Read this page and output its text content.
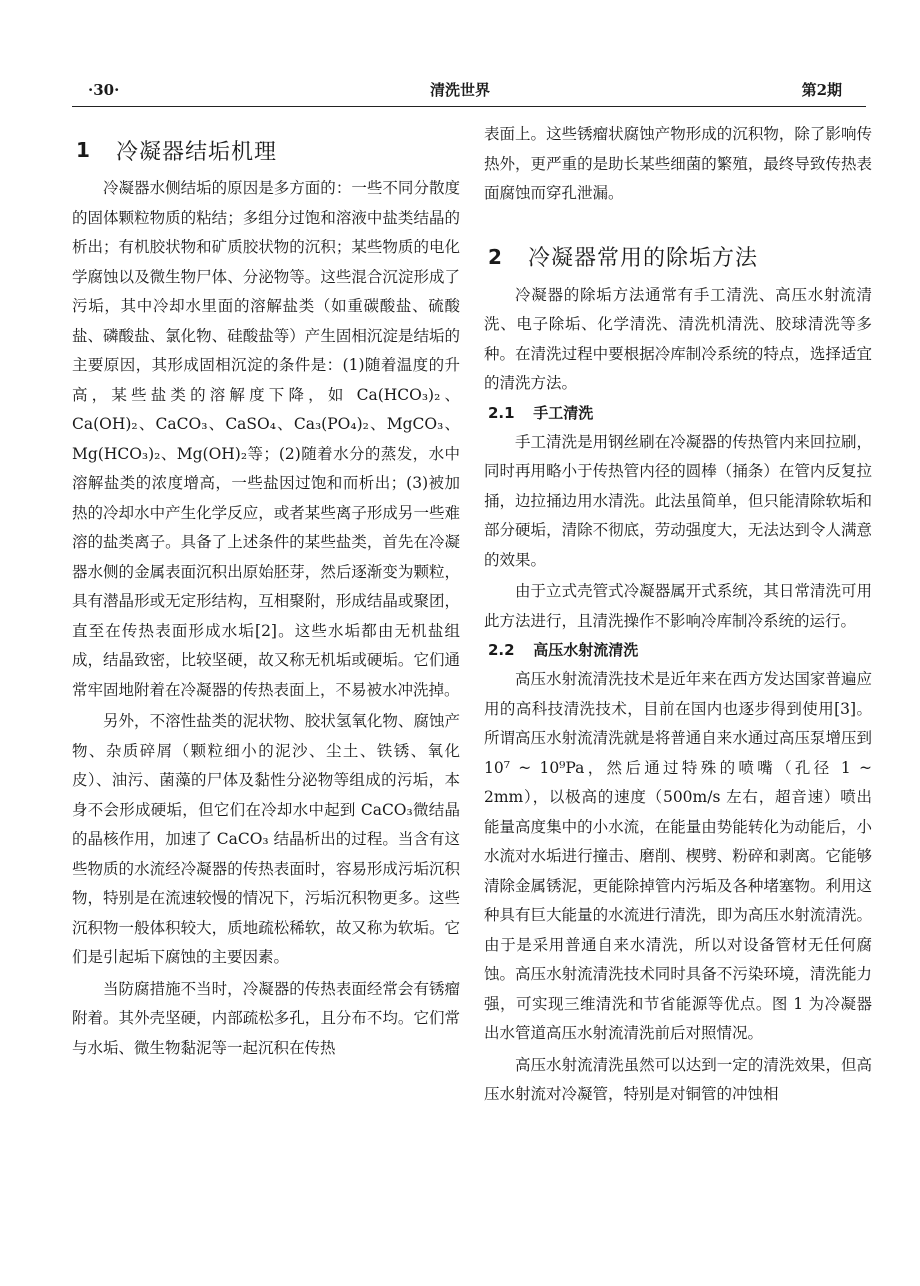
·30·	清洗世界	第2期
1	冷凝器结垢机理

冷凝器水侧结垢的原因是多方面的：一些不同分散度的固体颗粒物质的粘结；多组分过饱和溶液中盐类结晶的析出；有机胶状物和矿质胶状物的沉积；某些物质的电化学腐蚀以及微生物尸体、分泌物等。这些混合沉淀形成了污垢，其中冷却水里面的溶解盐类（如重碳酸盐、硫酸盐、磷酸盐、氯化物、硅酸盐等）产生固相沉淀是结垢的主要原因，其形成固相沉淀的条件是：(1)随着温度的升高，某些盐类的溶解度下降，如 Ca(HCO₃)₂、Ca(OH)₂、CaCO₃、CaSO₄、Ca₃(PO₄)₂、MgCO₃、Mg(HCO₃)₂、Mg(OH)₂等；(2)随着水分的蒸发，水中溶解盐类的浓度增高，一些盐因过饱和而析出；(3)被加热的冷却水中产生化学反应，或者某些离子形成另一些难溶的盐类离子。具备了上述条件的某些盐类，首先在冷凝器水侧的金属表面沉积出原始胚芽，然后逐渐变为颗粒，具有潜晶形或无定形结构，互相聚附，形成结晶或聚团，直至在传热表面形成水垢[2]。这些水垢都由无机盐组成，结晶致密，比较坚硬，故又称无机垢或硬垢。它们通常牢固地附着在冷凝器的传热表面上，不易被水冲洗掉。

另外，不溶性盐类的泥状物、胶状氢氧化物、腐蚀产物、杂质碎屑（颗粒细小的泥沙、尘土、铁锈、氧化皮）、油污、菌藻的尸体及黏性分泌物等组成的污垢，本身不会形成硬垢，但它们在冷却水中起到 CaCO₃微结晶的晶核作用，加速了 CaCO₃ 结晶析出的过程。当含有这些物质的水流经冷凝器的传热表面时，容易形成污垢沉积物，特别是在流速较慢的情况下，污垢沉积物更多。这些沉积物一般体积较大，质地疏松稀软，故又称为软垢。它们是引起垢下腐蚀的主要因素。

当防腐措施不当时，冷凝器的传热表面经常会有锈瘤附着。其外壳坚硬，内部疏松多孔，且分布不均。它们常与水垢、微生物黏泥等一起沉积在传热

表面上。这些锈瘤状腐蚀产物形成的沉积物，除了影响传热外，更严重的是助长某些细菌的繁殖，最终导致传热表面腐蚀而穿孔泄漏。

2	冷凝器常用的除垢方法

冷凝器的除垢方法通常有手工清洗、高压水射流清洗、电子除垢、化学清洗、清洗机清洗、胶球清洗等多种。在清洗过程中要根据冷库制冷系统的特点，选择适宜的清洗方法。

2.1 手工清洗

手工清洗是用钢丝刷在冷凝器的传热管内来回拉刷，同时再用略小于传热管内径的圆棒（捅条）在管内反复拉捅，边拉捅边用水清洗。此法虽简单，但只能清除软垢和部分硬垢，清除不彻底，劳动强度大，无法达到令人满意的效果。

由于立式壳管式冷凝器属开式系统，其日常清洗可用此方法进行，且清洗操作不影响冷库制冷系统的运行。

2.2 高压水射流清洗

高压水射流清洗技术是近年来在西方发达国家普遍应用的高科技清洗技术，目前在国内也逐步得到使用[3]。所谓高压水射流清洗就是将普通自来水通过高压泵增压到 10⁷ ~ 10⁹Pa，然后通过特殊的喷嘴（孔径 1 ~ 2mm），以极高的速度（500m/s 左右，超音速）喷出能量高度集中的小水流，在能量由势能转化为动能后，小水流对水垢进行撞击、磨削、楔劈、粉碎和剥离。它能够清除金属锈泥，更能除掉管内污垢及各种堵塞物。利用这种具有巨大能量的水流进行清洗，即为高压水射流清洗。由于是采用普通自来水清洗，所以对设备管材无任何腐蚀。高压水射流清洗技术同时具备不污染环境，清洗能力强，可实现三维清洗和节省能源等优点。图 1 为冷凝器出水管道高压水射流清洗前后对照情况。

高压水射流清洗虽然可以达到一定的清洗效果，但高压水射流对冷凝管，特别是对铜管的冲蚀相
